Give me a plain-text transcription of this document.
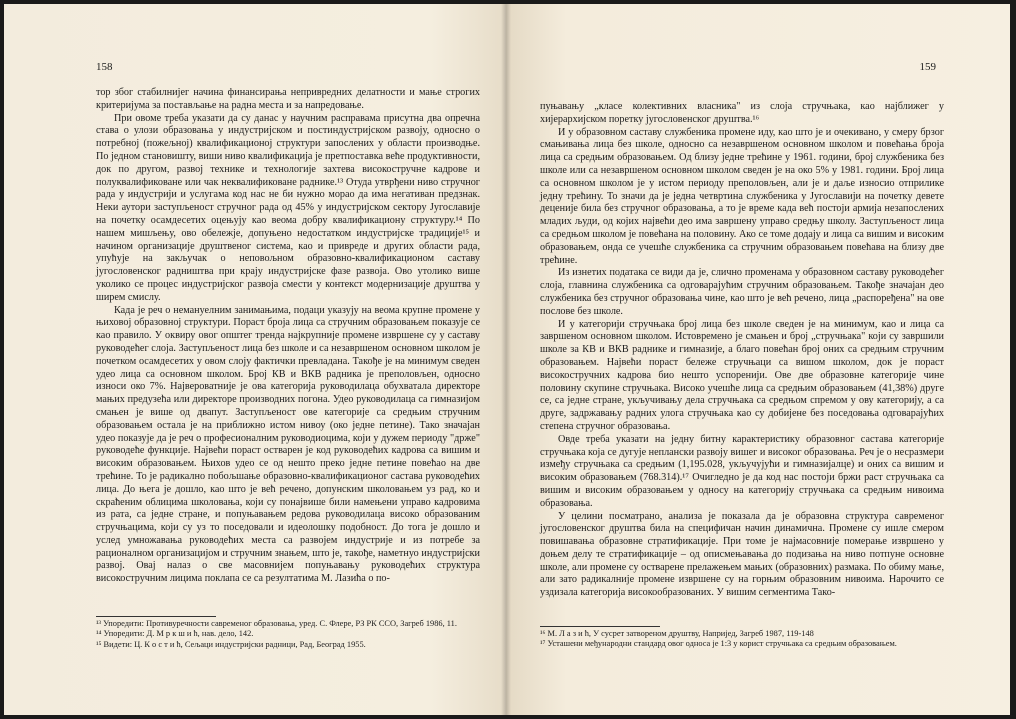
158

тор због стабилнијег начина финансирања непривредних делатности и мање строгих критеријума за постављање на радна места и за напредовање.

При овоме треба указати да су данас у научним расправама присутна два опречна става о улози образовања у индустријском и постиндустријском развоју, односно о потребној (пожељној) квалификационој структури запослених у области производње. По једном становишту, виши ниво квалификација је претпоставка веће продуктивности, док по другом, развој технике и технологије захтева високостручне кадрове и полуквалификоване или чак неквалификоване раднике.¹³ Отуда утврђени ниво стручног рада у индустрији и услугама код нас не би нужно морао да има негативан предзнак. Неки аутори заступљеност стручног рада од 45% у индустријском сектору Југославије на почетку осамдесетих оцењују као веома добру квалификациону структуру.¹⁴ По нашем мишљењу, ово обележје, допуњено недостатком индустријске традиције¹⁵ и начином организације друштвеног система, као и привреде и других области рада, упућује на закључак о неповољном образовно-квалификационом саставу југословенског радништва при крају индустријске фазе развоја. Ово утолико више уколико се процес индустријског развоја смести у контекст модернизације друштва у ширем смислу.

Када је реч о немануелним занимањима, подаци указују на веома крупне промене у њиховој образовној структури. Пораст броја лица са стручним образовањем показује се као правило. У оквиру овог општег тренда најкрупније промене извршене су у саставу руководећег слоја. Заступљеност лица без школе и са незавршеном основном школом је почетком осамдесетих у овом слоју фактички превладана. Такође је на минимум сведен удео лица са основном школом. Број КВ и ВКВ радника је преполовљен, односно износи око 7%. Највероватније је ова категорија руководилаца обухватала директоре мањих предузећа или директоре производних погона. Удео руководилаца са гимназијом смањен је више од двапут. Заступљеност ове категорије са средњим стручним образовањем остала је на приближно истом нивоу (око једне петине). Тако значајан удео показује да је реч о професионалним руководиоцима, који у дужем периоду "држе" руководеће функције. Највећи пораст остварен је код руководећих кадрова са вишим и високим образовањем. Њихов удео се од нешто преко једне петине повећао на две трећине. То је радикално побољшање образовно-квалификационог састава руководећих лица. До њега је дошло, као што је већ речено, допунским школовањем уз рад, ко и скраћеним облицима школовања, који су понајвише били намењени управо кадровима из рата, са једне стране, и попуњавањем редова руководилаца високо образованим стручњацима, који су уз то поседовали и идеолошку подобност. До тога је дошло и услед умножавања руководећих места са развојем индустрије и из потребе за рационалном организацијом и стручним знањем, што је, такође, наметнуо индустријски развој. Овај налаз о све масовнијем попуњавању руководећих структура високостручним лицима поклапа се са резултатима М. Лазића о по-

¹³ Упоредити: Противуречности савременог образовања, уред. С. Флере, РЗ РК ССО, Загреб 1986, 11.

¹⁴ Упоредити: Д. М р к ш и ћ, нав. дело, 142.

¹⁵ Видети: Ц. К о с т и ћ, Сељаци индустријски радници, Рад, Београд 1955.

159

пуњавању „класе колективних власника" из слоја стручњака, као најближег у хијерархијском поретку југословенског друштва.¹⁶

И у образовном саставу службеника промене иду, као што је и очекивано, у смеру брзог смањивања лица без школе, односно са незавршеном основном школом и повећања броја лица са средњим образовањем. Од близу једне трећине у 1961. години, број службеника без школе или са незавршеном основном школом сведен је на око 5% у 1981. години. Број лица са основном школом је у истом периоду преполовљен, али је и даље износио отприлике једну трећину. То значи да је једна четвртина службеника у Југославији на почетку деветe деценије била без стручног образовања, а то је време када већ постоји армија незапослених младих људи, од којих највећи део има завршену управо средњу школу. Заступљеност лица са средњом школом је повећана на половину. Ако се томе додају и лица са вишим и високим образовањем, онда се учешће службеника са стручним образовањем повећава на близу две трећине.

Из изнетих података се види да је, слично променама у образовном саставу руководећег слоја, главнина службеника са одговарајућим стручним образовањем. Такође значајан део службеника без стручног образовања чине, као што је већ речено, лица „распоређена" на ове послове без школе.

И у категорији стручњака број лица без школе сведен је на минимум, као и лица са завршеном основном школом. Истоврeмено је смањен и број „стручњака" који су завршили школе за КВ и ВКВ раднике и гимназије, а благо повећан број оних са средњим стручним образовањем. Највећи пораст бележе стручњаци са вишом школом, док је пораст високостручних кадрова био нешто успоренији. Ове две образовне категорије чине половину скупине стручњака. Високо учешће лица са средњим образовањем (41,38%) другe се, са једне стране, укључивању дела стручњака са средњом спремом у ову категорију, а са друге, задржавању радних улога стручњака као су добијене без поседовања одговарајућих степена стручног образовања.

Овде треба указати на једну битну карактеристику образовног састава категорије стручњака која се дугује неплански развоју вишег и високог образовања. Реч је о несразмери између стручњака са средњим (1,195.028, укључујући и гимназијалце) и оних са вишим и високим образовањем (768.314).¹⁷ Очигледно је да код нас постоји бржи раст стручњака са вишим и високим образовањем у односу на категорију стручњака са средњим нивоима образовања.

У целини посматрано, анализа је показала да је образовна структура савременог југословенског друштва била на специфичан начин динамична. Промене су ишле смером повишавања образовне стратификације. При томе је најмасовније померање извршено у доњем делу те стратификације – од описмењавања до подизања на ниво потпуне основне школе, али промене су остварене прелажењем мањих (образовних) размака. По обиму мање, али зато радикалније промене извршене су на горњим образовним нивоима. Нарочито се уздизала категорија високообразованих. У вишим сегментима Тако-

¹⁶ М. Л а з и ћ, У сусрет затвореном друштву, Напријед, Загреб 1987, 119-148

¹⁷ Усташени међународни стандард овог односа је 1:3 у корист стручњака са средњим образовањем.
